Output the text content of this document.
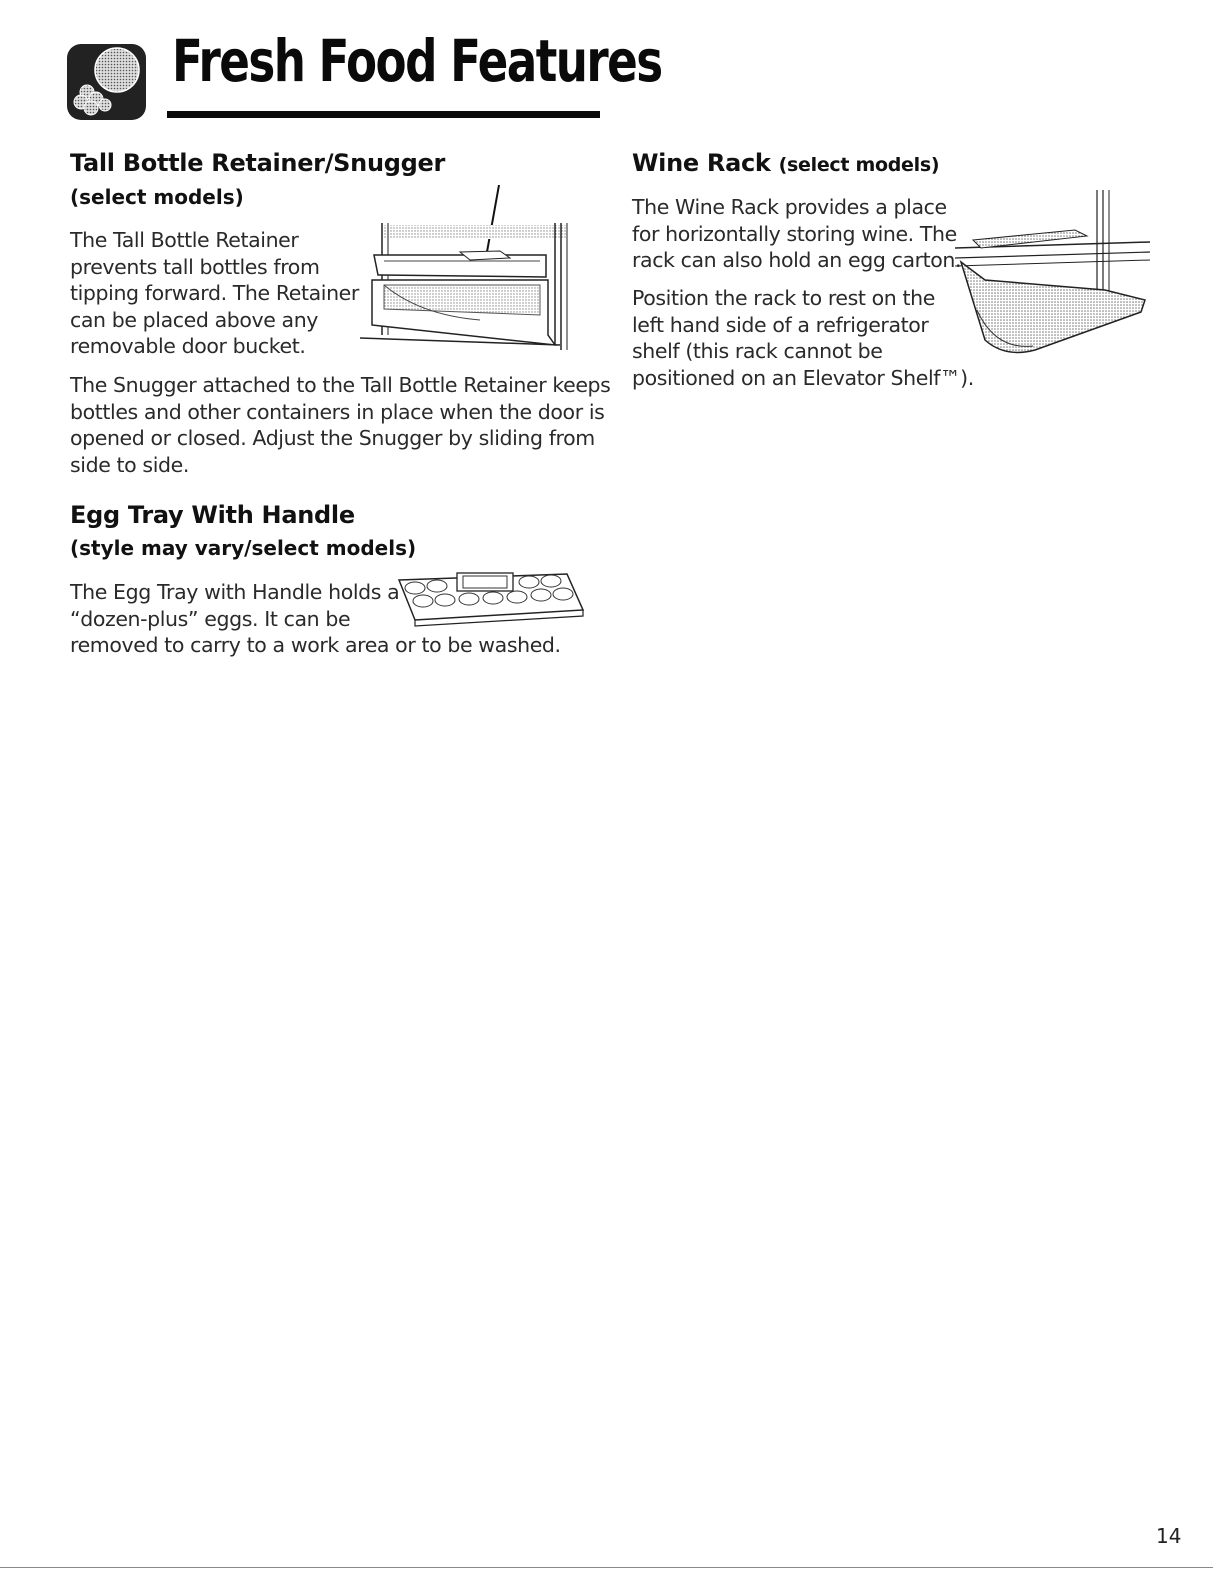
Fresh Food Features
Tall Bottle Retainer/Snugger
(select models)
The Tall Bottle Retainer
prevents tall bottles from
tipping forward. The Retainer
can be placed above any
removable door bucket.
The Snugger attached to the Tall Bottle Retainer keeps
bottles and other containers in place when the door is
opened or closed. Adjust the Snugger by sliding from
side to side.
Egg Tray With Handle
(style may vary/select models)
The Egg Tray with Handle holds a
“dozen-plus” eggs. It can be
removed to carry to a work area or to be washed.
Wine Rack (select models)
The Wine Rack provides a place
for horizontally storing wine. The
rack can also hold an egg carton.
Position the rack to rest on the
left hand side of a refrigerator
shelf (this rack cannot be
positioned on an Elevator Shelf™).
14
